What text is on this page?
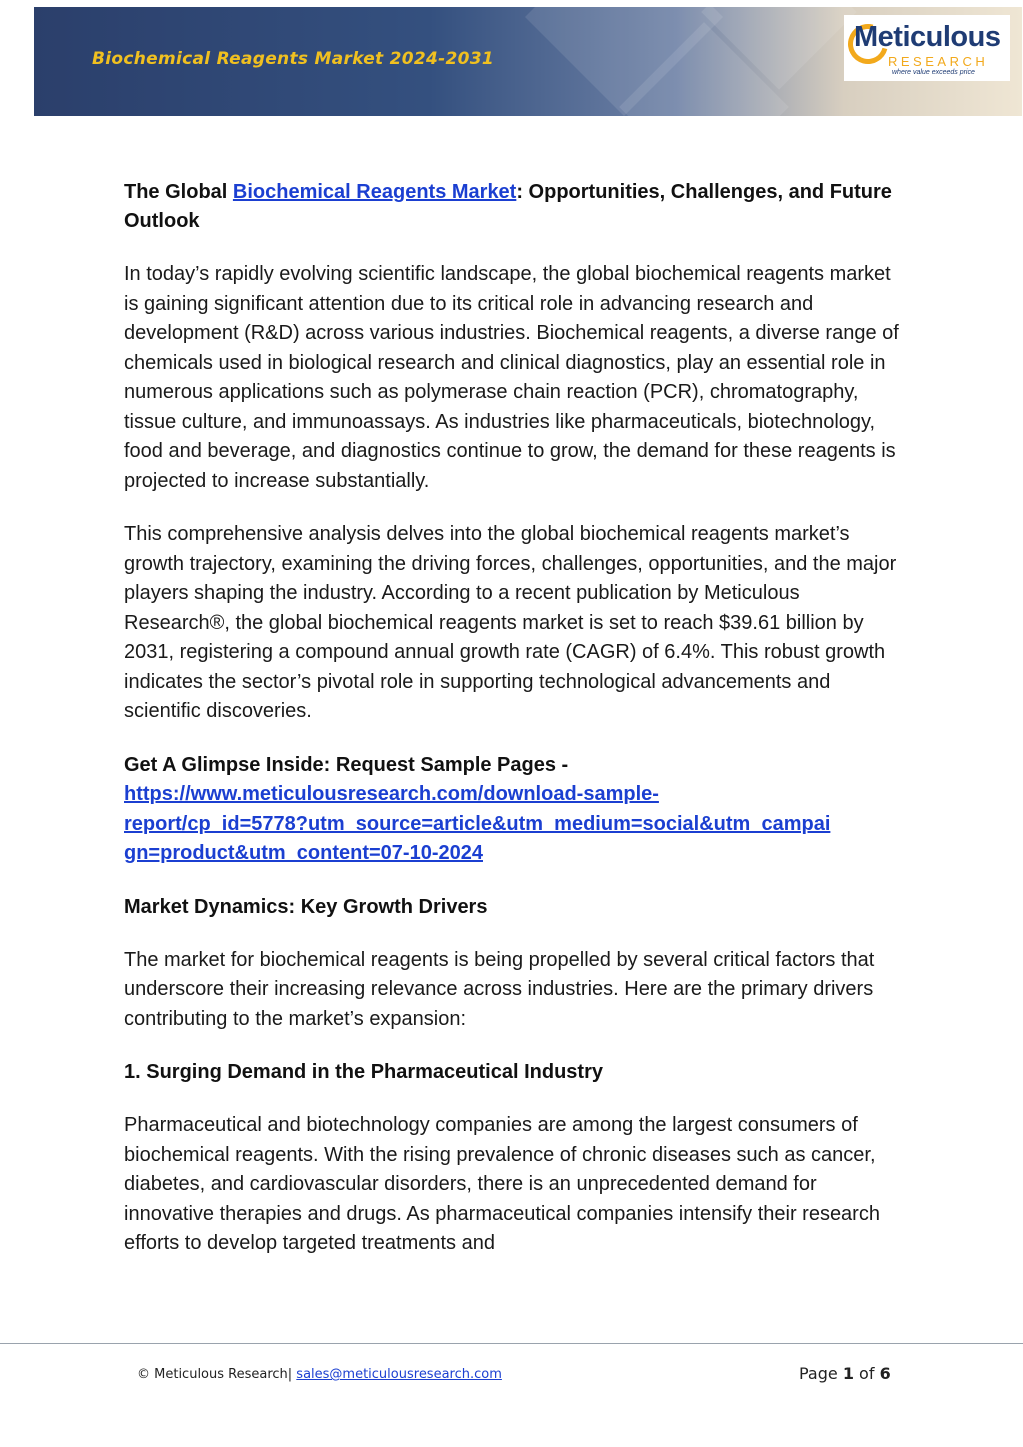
Biochemical Reagents Market 2024-2031
Meticulous
RESEARCH
where value exceeds price

The Global Biochemical Reagents Market: Opportunities, Challenges, and Future Outlook

In today’s rapidly evolving scientific landscape, the global biochemical reagents market is gaining significant attention due to its critical role in advancing research and development (R&D) across various industries. Biochemical reagents, a diverse range of chemicals used in biological research and clinical diagnostics, play an essential role in numerous applications such as polymerase chain reaction (PCR), chromatography, tissue culture, and immunoassays. As industries like pharmaceuticals, biotechnology, food and beverage, and diagnostics continue to grow, the demand for these reagents is projected to increase substantially.

This comprehensive analysis delves into the global biochemical reagents market’s growth trajectory, examining the driving forces, challenges, opportunities, and the major players shaping the industry. According to a recent publication by Meticulous Research®, the global biochemical reagents market is set to reach $39.61 billion by 2031, registering a compound annual growth rate (CAGR) of 6.4%. This robust growth indicates the sector’s pivotal role in supporting technological advancements and scientific discoveries.

Get A Glimpse Inside: Request Sample Pages -
https://www.meticulousresearch.com/download-sample-
report/cp_id=5778?utm_source=article&utm_medium=social&utm_campai
gn=product&utm_content=07-10-2024

Market Dynamics: Key Growth Drivers

The market for biochemical reagents is being propelled by several critical factors that underscore their increasing relevance across industries. Here are the primary drivers contributing to the market’s expansion:

1. Surging Demand in the Pharmaceutical Industry

Pharmaceutical and biotechnology companies are among the largest consumers of biochemical reagents. With the rising prevalence of chronic diseases such as cancer, diabetes, and cardiovascular disorders, there is an unprecedented demand for innovative therapies and drugs. As pharmaceutical companies intensify their research efforts to develop targeted treatments and

© Meticulous Research| sales@meticulousresearch.com	Page 1 of 6
